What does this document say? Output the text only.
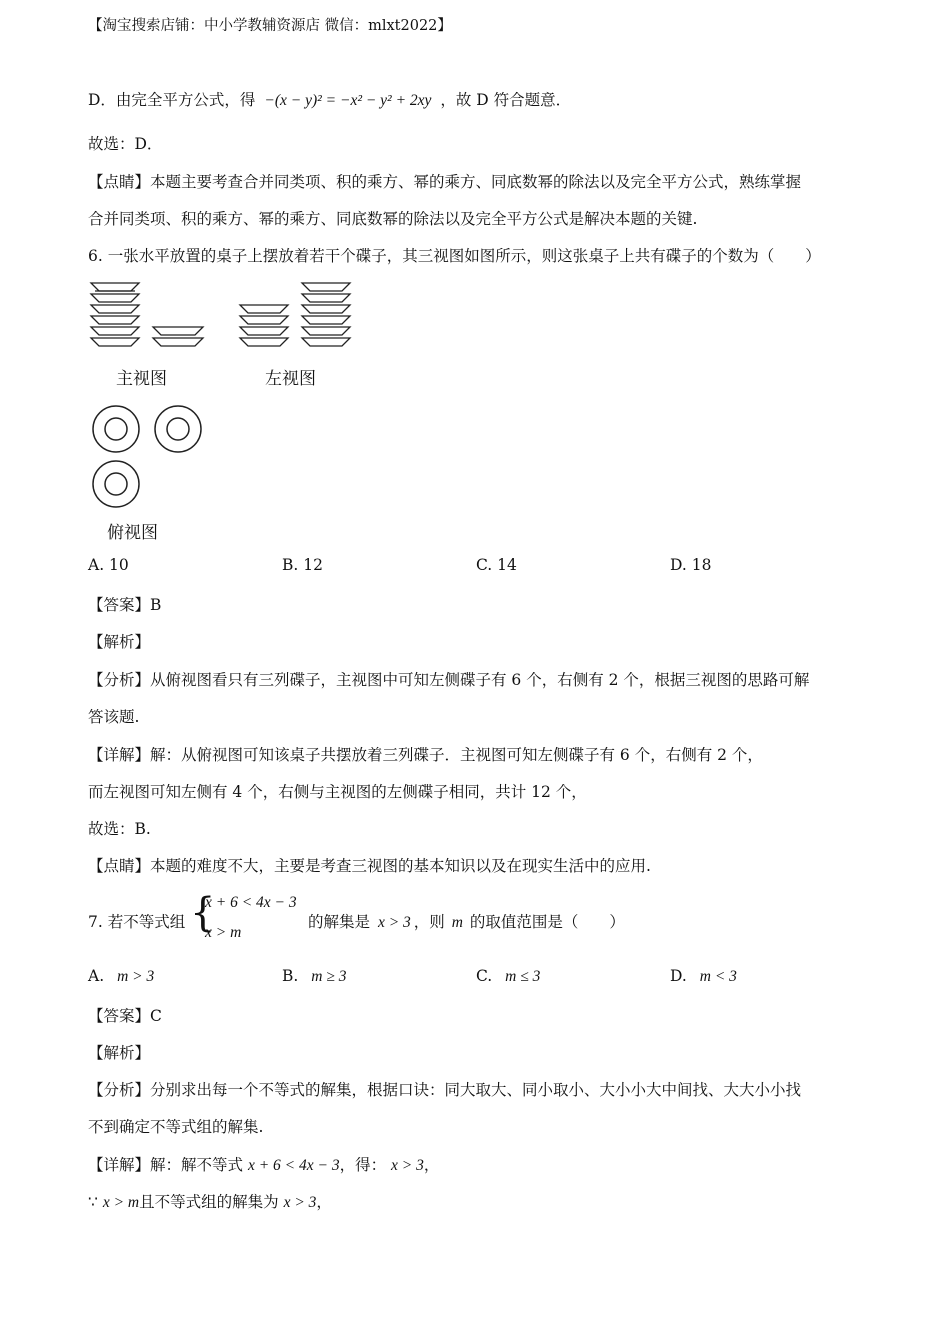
【淘宝搜索店铺：中小学教辅资源店 微信：mlxt2022】
D．由完全平方公式，得 −(x − y)² = −x² − y² + 2xy ，故 D 符合题意．
故选：D．
【点睛】本题主要考查合并同类项、积的乘方、幂的乘方、同底数幂的除法以及完全平方公式，熟练掌握
合并同类项、积的乘方、幂的乘方、同底数幂的除法以及完全平方公式是解决本题的关键.
6. 一张水平放置的桌子上摆放着若干个碟子，其三视图如图所示，则这张桌子上共有碟子的个数为（　　）
主视图	左视图
俯视图
A. 10	B. 12	C. 14	D. 18
【答案】B
【解析】
【分析】从俯视图看只有三列碟子，主视图中可知左侧碟子有 6 个，右侧有 2 个，根据三视图的思路可解
答该题.
【详解】解：从俯视图可知该桌子共摆放着三列碟子．主视图可知左侧碟子有 6 个，右侧有 2 个，
而左视图可知左侧有 4 个，右侧与主视图的左侧碟子相同，共计 12 个，
故选：B.
【点睛】本题的难度不大，主要是考查三视图的基本知识以及在现实生活中的应用.
7. 若不等式组 {
x + 6 < 4x − 3
x > m
的解集是 x > 3 ，则 m 的取值范围是（　　）
A. m > 3	B. m ≥ 3	C. m ≤ 3	D. m < 3
【答案】C
【解析】
【分析】分别求出每一个不等式的解集，根据口诀：同大取大、同小取小、大小小大中间找、大大小小找
不到确定不等式组的解集.
【详解】解：解不等式 x + 6 < 4x − 3，得： x > 3，
∵ x > m且不等式组的解集为 x > 3，
